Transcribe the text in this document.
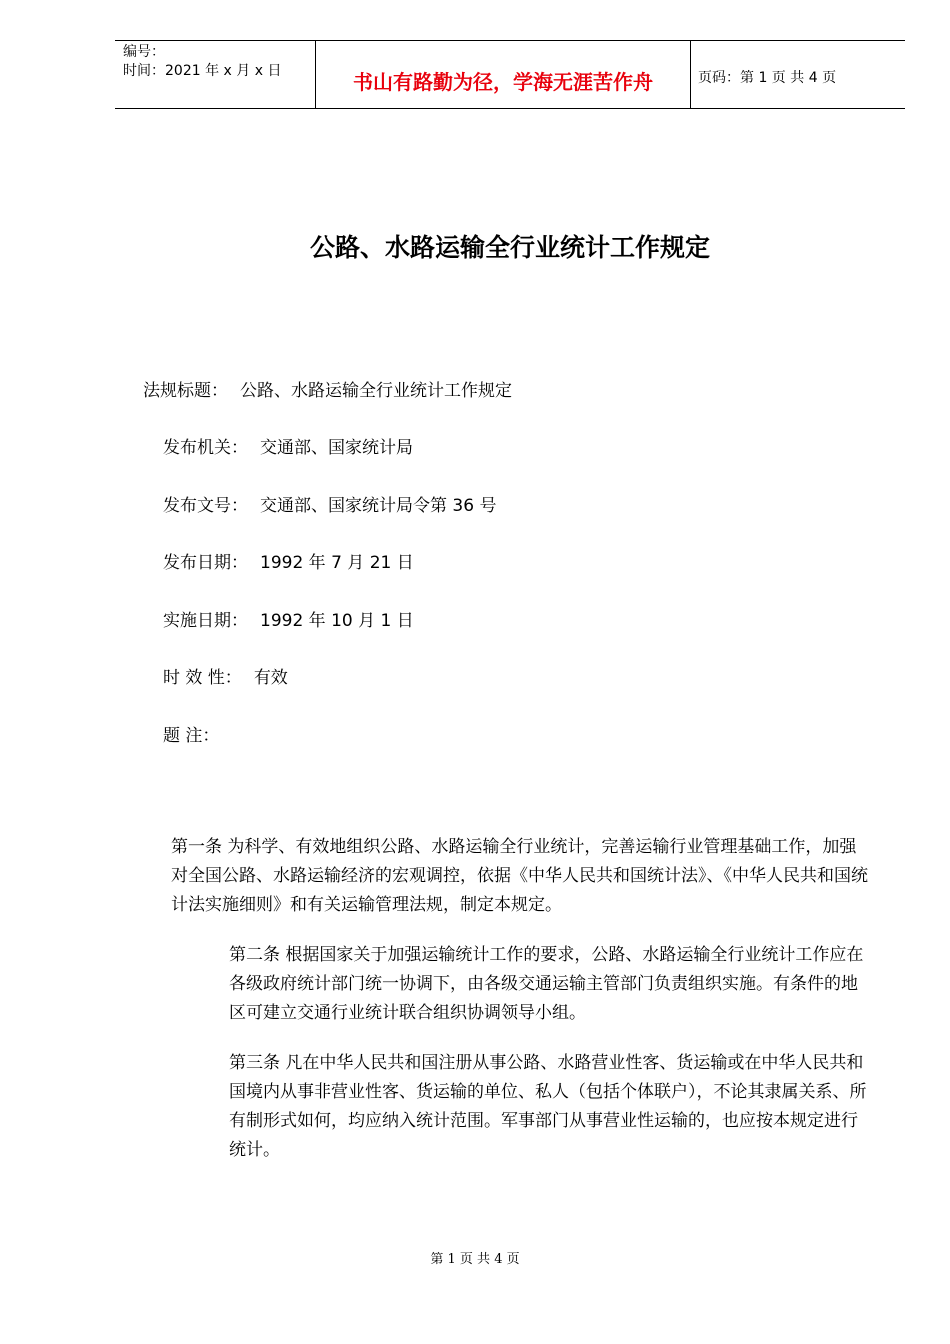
编号：
时间：2021 年 x 月 x 日	书山有路勤为径，学海无涯苦作舟	页码：第 1 页 共 4 页
公路、水路运输全行业统计工作规定
法规标题： 公路、水路运输全行业统计工作规定
发布机关： 交通部、国家统计局
发布文号： 交通部、国家统计局令第 36 号
发布日期： 1992 年 7 月 21 日
实施日期： 1992 年 10 月 1 日
时 效 性： 有效
题 注：
第一条 为科学、有效地组织公路、水路运输全行业统计，完善运输行业管理基础工作，加强对全国公路、水路运输经济的宏观调控，依据《中华人民共和国统计法》、《中华人民共和国统计法实施细则》和有关运输管理法规，制定本规定。
第二条 根据国家关于加强运输统计工作的要求，公路、水路运输全行业统计工作应在各级政府统计部门统一协调下，由各级交通运输主管部门负责组织实施。有条件的地区可建立交通行业统计联合组织协调领导小组。
第三条 凡在中华人民共和国注册从事公路、水路营业性客、货运输或在中华人民共和国境内从事非营业性客、货运输的单位、私人（包括个体联户），不论其隶属关系、所有制形式如何，均应纳入统计范围。军事部门从事营业性运输的，也应按本规定进行统计。
第 1 页 共 4 页
